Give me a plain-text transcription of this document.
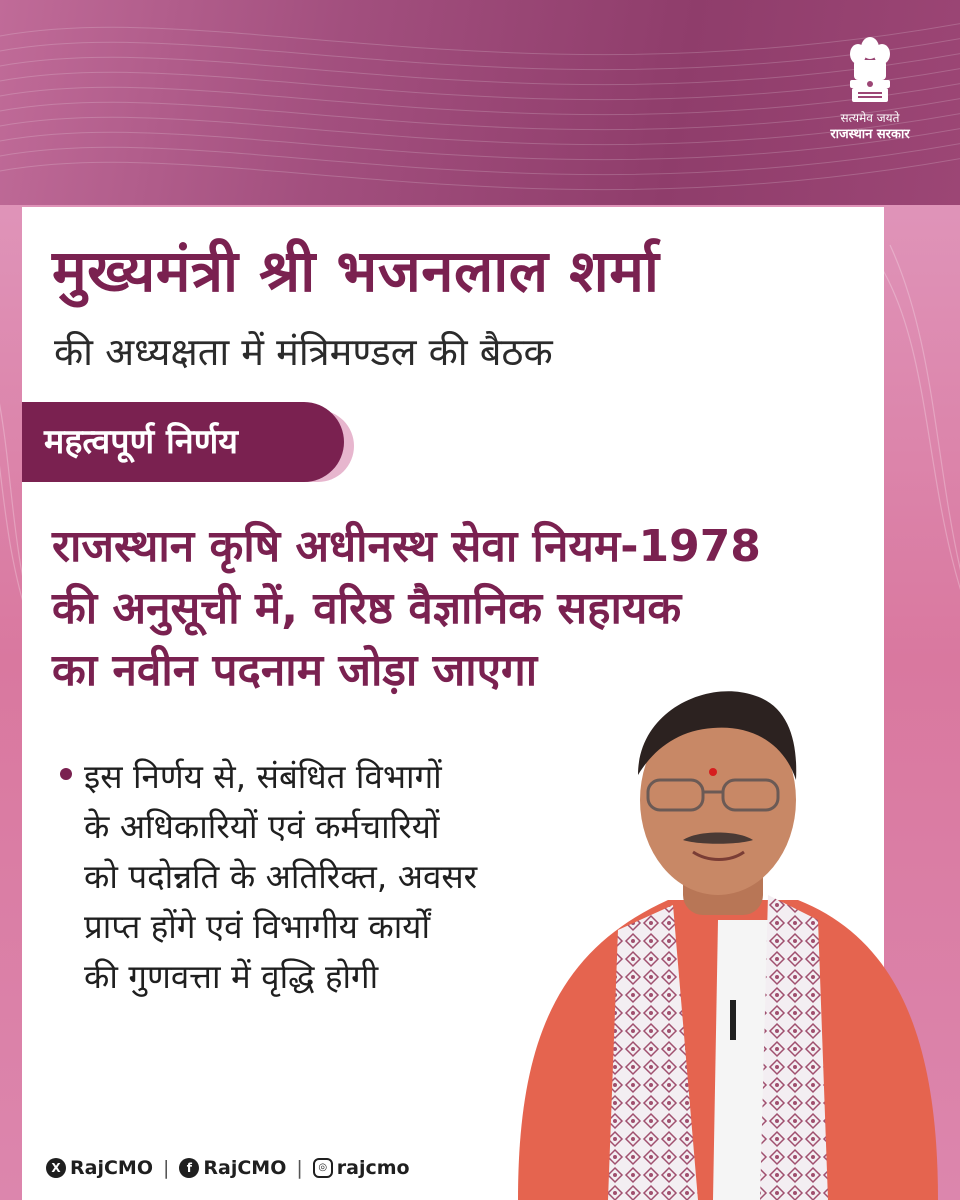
सत्यमेव जयते
राजस्थान सरकार
मुख्यमंत्री श्री भजनलाल शर्मा
की अध्यक्षता में मंत्रिमण्डल की बैठक
महत्वपूर्ण निर्णय
राजस्थान कृषि अधीनस्थ सेवा नियम-1978
की अनुसूची में, वरिष्ठ वैज्ञानिक सहायक
का नवीन पदनाम जोड़ा जाएगा
इस निर्णय से, संबंधित विभागों
के अधिकारियों एवं कर्मचारियों
को पदोन्नति के अतिरिक्त, अवसर
प्राप्त होंगे एवं विभागीय कार्यों
की गुणवत्ता में वृद्धि होगी
X RajCMO |	f RajCMO |	◎ rajcmo
